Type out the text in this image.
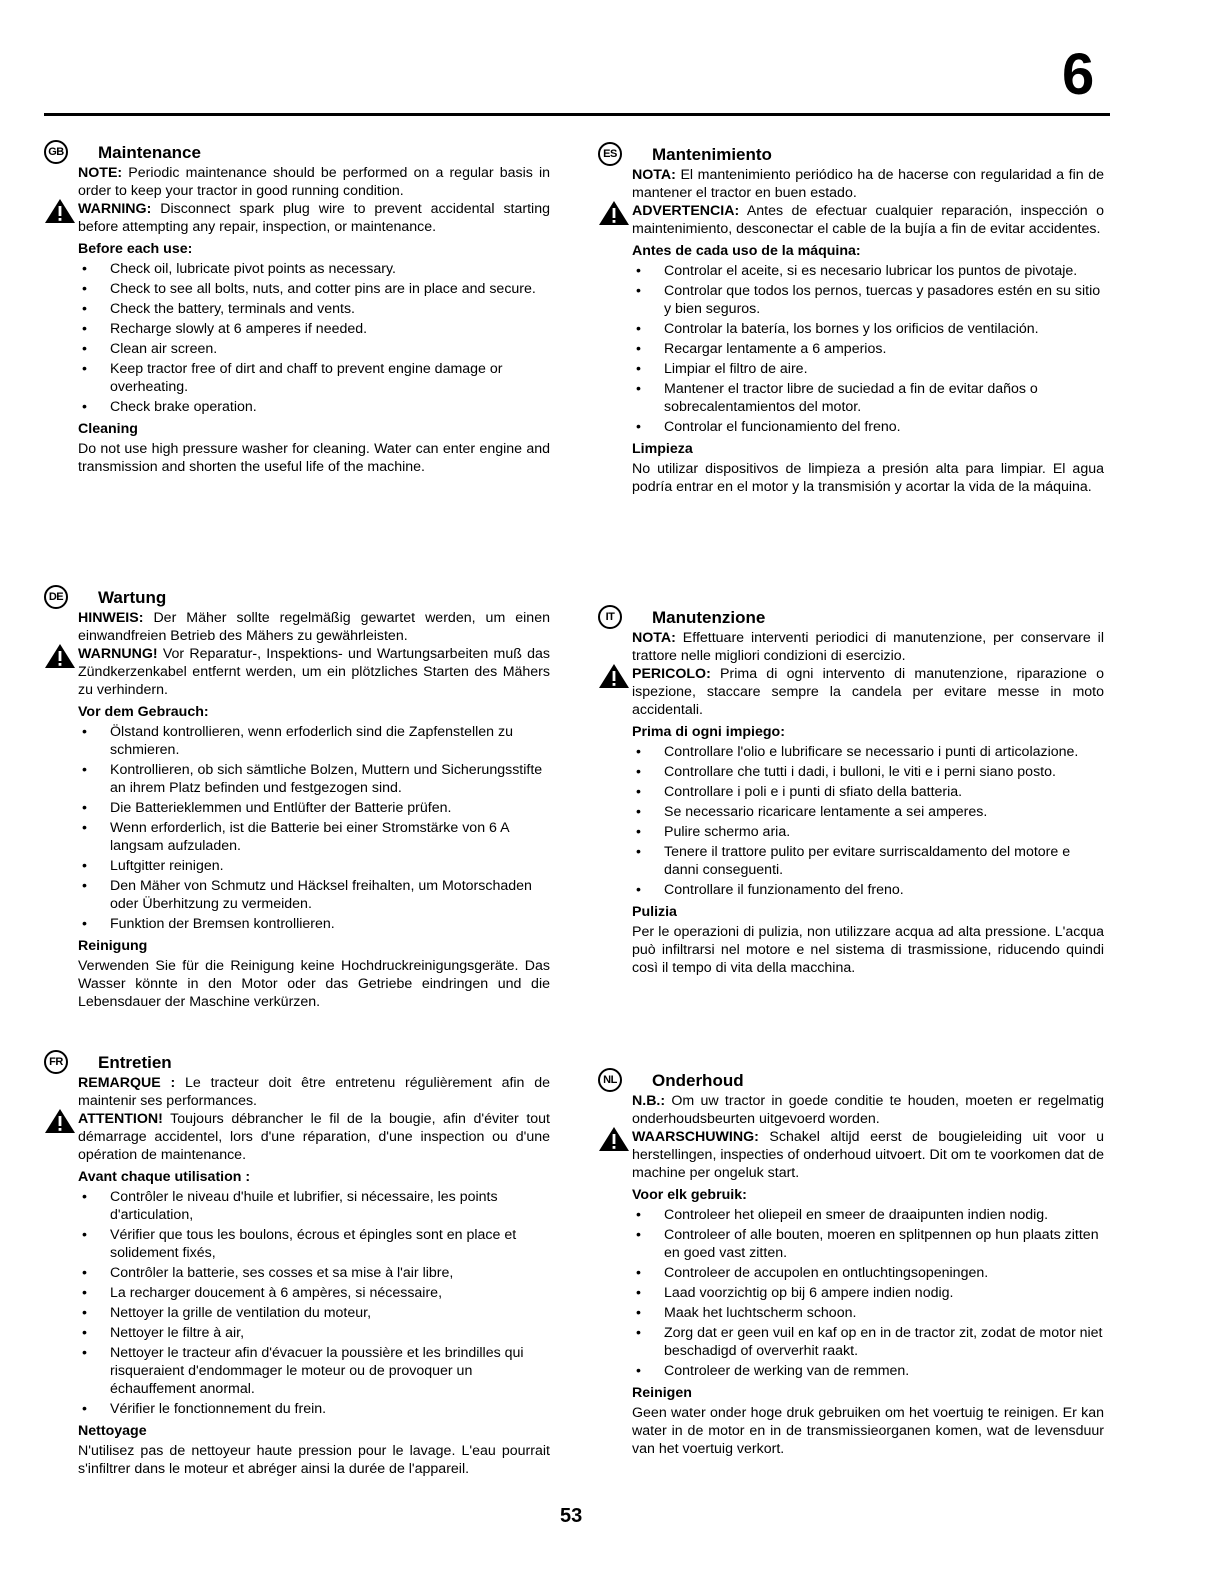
6
GB Maintenance

NOTE: Periodic maintenance should be performed on a regular basis in order to keep your tractor in good running condition.

WARNING: Disconnect spark plug wire to prevent accidental starting before attempting any repair, inspection, or maintenance.

Before each use:
• Check oil, lubricate pivot points as necessary.
• Check to see all bolts, nuts, and cotter pins are in place and secure.
• Check the battery, terminals and vents.
• Recharge slowly at 6 amperes if needed.
• Clean air screen.
• Keep tractor free of dirt and chaff to prevent engine damage or overheating.
• Check brake operation.
Cleaning

Do not use high pressure washer for cleaning. Water can enter engine and transmission and shorten the useful life of the machine.

DE Wartung

HINWEIS: Der Mäher sollte regelmäßig gewartet werden, um einen einwandfreien Betrieb des Mähers zu gewährleisten.

WARNUNG! Vor Reparatur-, Inspektions- und Wartungsarbeiten muß das Zündkerzenkabel entfernt werden, um ein plötzliches Starten des Mähers zu verhindern.

Vor dem Gebrauch:
• Ölstand kontrollieren, wenn erfoderlich sind die Zapfenstellen zu schmieren.
• Kontrollieren, ob sich sämtliche Bolzen, Muttern und Sicherungsstifte an ihrem Platz befinden und festgezogen sind.
• Die Batterieklemmen und Entlüfter der Batterie prüfen.
• Wenn erforderlich, ist die Batterie bei einer Stromstärke von 6 A langsam aufzuladen.
• Luftgitter reinigen.
• Den Mäher von Schmutz und Häcksel freihalten, um Motorschaden oder Überhitzung zu vermeiden.
• Funktion der Bremsen kontrollieren.
Reinigung

Verwenden Sie für die Reinigung keine Hochdruckreinigungsgeräte. Das Wasser könnte in den Motor oder das Getriebe eindringen und die Lebensdauer der Maschine verkürzen.

FR	Entretien

REMARQUE : Le tracteur doit être entretenu régulièrement afin de maintenir ses performances.

ATTENTION! Toujours débrancher le fil de la bougie, afin d'éviter tout démarrage accidentel, lors d'une réparation, d'une inspection ou d'une opération de maintenance.

Avant chaque utilisation :
• Contrôler le niveau d'huile et lubrifier, si nécessaire, les points d'articulation,
• Vérifier que tous les boulons, écrous et épingles sont en place et solidement fixés,
• Contrôler la batterie, ses cosses et sa mise à l'air libre,
• La recharger doucement à 6 ampères, si nécessaire,
• Nettoyer la grille de ventilation du moteur,
• Nettoyer le filtre à air,
• Nettoyer le tracteur afin d'évacuer la poussière et les brindilles qui risqueraient d'endommager le moteur ou de provoquer un échauffement anormal.
• Vérifier le fonctionnement du frein.
Nettoyage

N'utilisez pas de nettoyeur haute pression pour le lavage. L'eau pourrait s'infiltrer dans le moteur et abréger ainsi la durée de l'appareil.

ES	Mantenimiento

NOTA: El mantenimiento periódico ha de hacerse con regularidad a fin de mantener el tractor en buen estado.

ADVERTENCIA: Antes de efectuar cualquier reparación, inspección o maintenimiento, desconectar el cable de la bujía a fin de evitar accidentes.

Antes de cada uso de la máquina:
• Controlar el aceite, si es necesario lubricar los puntos de pivotaje.
• Controlar que todos los pernos, tuercas y pasadores estén en su sitio y bien seguros.
• Controlar la batería, los bornes y los orificios de ventilación.
• Recargar lentamente a 6 amperios.
• Limpiar el filtro de aire.
• Mantener el tractor libre de suciedad a fin de evitar daños o sobrecalentamientos del motor.
• Controlar el funcionamiento del freno.
Limpieza

No utilizar dispositivos de limpieza a presión alta para limpiar. El agua podría entrar en el motor y la transmisión y acortar la vida de la máquina.

IT	Manutenzione

NOTA: Effettuare interventi periodici di manutenzione, per conservare il trattore nelle migliori condizioni di esercizio.

PERICOLO: Prima di ogni intervento di manutenzione, riparazione o ispezione, staccare sempre la candela per evitare messe in moto accidentali.

Prima di ogni impiego:
• Controllare l'olio e lubrificare se necessario i punti di articolazione.
• Controllare che tutti i dadi, i bulloni, le viti e i perni siano posto.
• Controllare i poli e i punti di sfiato della batteria.
• Se necessario ricaricare lentamente a sei amperes.
• Pulire schermo aria.
• Tenere il trattore pulito per evitare surriscaldamento del motore e danni conseguenti.
• Controllare il funzionamento del freno.
Pulizia

Per le operazioni di pulizia, non utilizzare acqua ad alta pressione. L'acqua può infiltrarsi nel motore e nel sistema di trasmissione, riducendo quindi così il tempo di vita della macchina.

NL	Onderhoud

N.B.: Om uw tractor in goede conditie te houden, moeten er regelmatig onderhoudsbeurten uitgevoerd worden.

WAARSCHUWING: Schakel altijd eerst de bougieleiding uit voor u herstellingen, inspecties of onderhoud uitvoert. Dit om te voorkomen dat de machine per ongeluk start.

Voor elk gebruik:
• Controleer het oliepeil en smeer de draaipunten indien nodig.
• Controleer of alle bouten, moeren en splitpennen op hun plaats zitten en goed vast zitten.
• Controleer de accupolen en ontluchtingsopeningen.
• Laad voorzichtig op bij 6 ampere indien nodig.
• Maak het luchtscherm schoon.
• Zorg dat er geen vuil en kaf op en in de tractor zit, zodat de motor niet beschadigd of oververhit raakt.
• Controleer de werking van de remmen.
Reinigen

Geen water onder hoge druk gebruiken om het voertuig te reinigen. Er kan water in de motor en in de transmissieorganen komen, wat de levensduur van het voertuig verkort.

53
